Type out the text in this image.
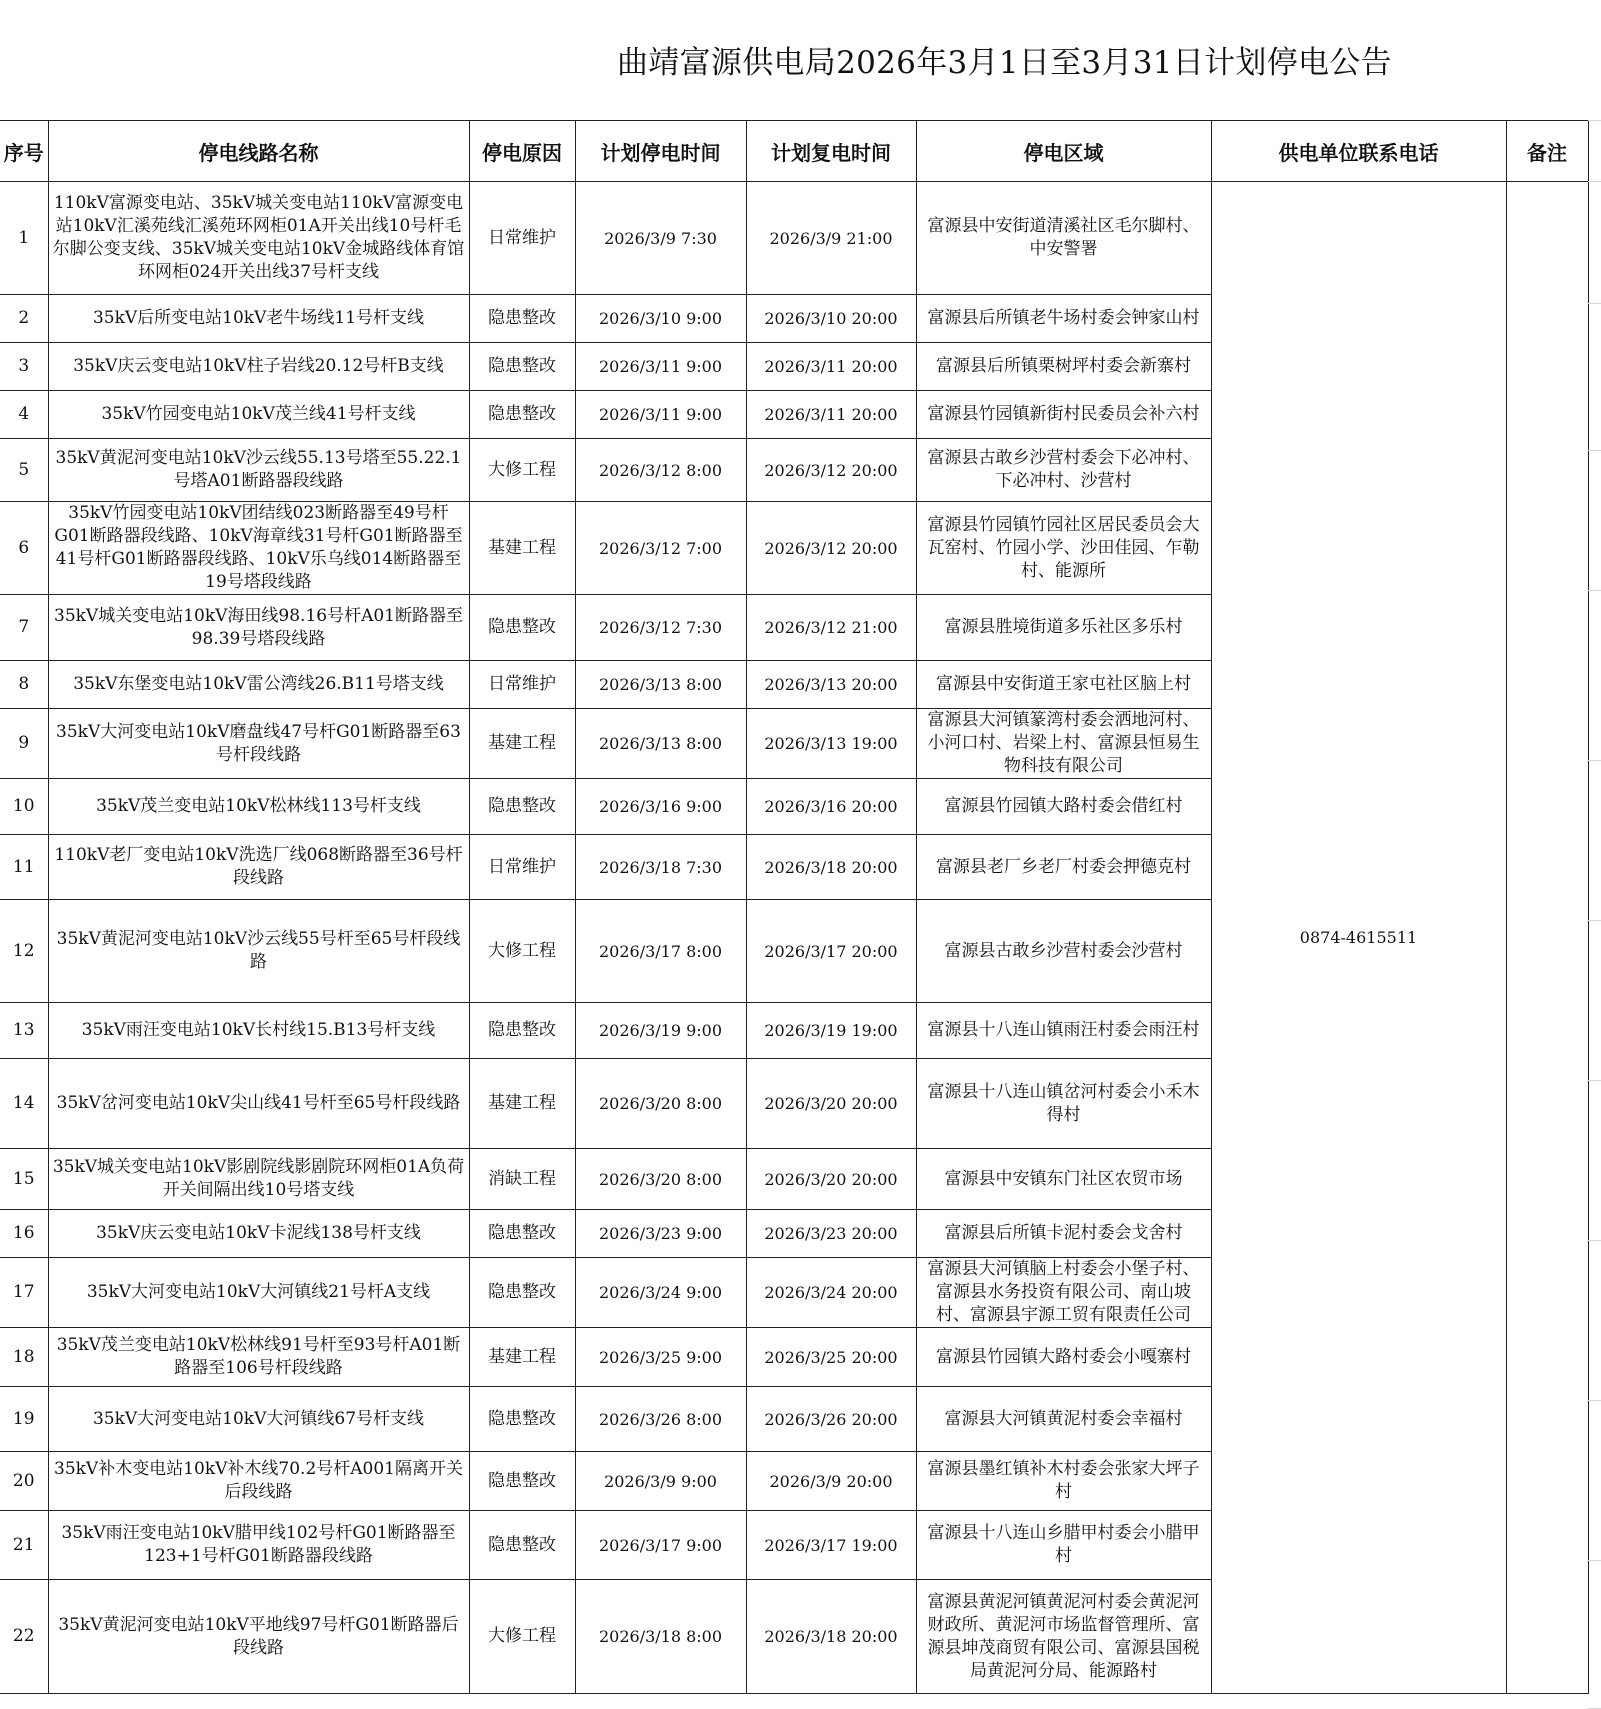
曲靖富源供电局2026年3月1日至3月31日计划停电公告
序号	停电线路名称	停电原因	计划停电时间	计划复电时间	停电区域	供电单位联系电话	备注
1	110kV富源变电站、35kV城关变电站110kV富源变电站10kV汇溪苑线汇溪苑环网柜01A开关出线10号杆毛尔脚公变支线、35kV城关变电站10kV金城路线体育馆环网柜024开关出线37号杆支线	日常维护	2026/3/9 7:30	2026/3/9 21:00	富源县中安街道清溪社区毛尔脚村、中安警署	0874-4615511	
2	35kV后所变电站10kV老牛场线11号杆支线	隐患整改	2026/3/10 9:00	2026/3/10 20:00	富源县后所镇老牛场村委会钟家山村		
3	35kV庆云变电站10kV柱子岩线20.12号杆B支线	隐患整改	2026/3/11 9:00	2026/3/11 20:00	富源县后所镇栗树坪村委会新寨村		
4	35kV竹园变电站10kV茂兰线41号杆支线	隐患整改	2026/3/11 9:00	2026/3/11 20:00	富源县竹园镇新街村民委员会补六村		
5	35kV黄泥河变电站10kV沙云线55.13号塔至55.22.1号塔A01断路器段线路	大修工程	2026/3/12 8:00	2026/3/12 20:00	富源县古敢乡沙营村委会下必冲村、下必冲村、沙营村		
6	35kV竹园变电站10kV团结线023断路器至49号杆G01断路器段线路、10kV海章线31号杆G01断路器至41号杆G01断路器段线路、10kV乐乌线014断路器至19号塔段线路	基建工程	2026/3/12 7:00	2026/3/12 20:00	富源县竹园镇竹园社区居民委员会大瓦窑村、竹园小学、沙田佳园、乍勒村、能源所		
7	35kV城关变电站10kV海田线98.16号杆A01断路器至98.39号塔段线路	隐患整改	2026/3/12 7:30	2026/3/12 21:00	富源县胜境街道多乐社区多乐村		
8	35kV东堡变电站10kV雷公湾线26.B11号塔支线	日常维护	2026/3/13 8:00	2026/3/13 20:00	富源县中安街道王家屯社区脑上村		
9	35kV大河变电站10kV磨盘线47号杆G01断路器至63号杆段线路	基建工程	2026/3/13 8:00	2026/3/13 19:00	富源县大河镇篆湾村委会洒地河村、小河口村、岩梁上村、富源县恒易生物科技有限公司		
10	35kV茂兰变电站10kV松林线113号杆支线	隐患整改	2026/3/16 9:00	2026/3/16 20:00	富源县竹园镇大路村委会借红村		
11	110kV老厂变电站10kV洗选厂线068断路器至36号杆段线路	日常维护	2026/3/18 7:30	2026/3/18 20:00	富源县老厂乡老厂村委会押德克村		
12	35kV黄泥河变电站10kV沙云线55号杆至65号杆段线路	大修工程	2026/3/17 8:00	2026/3/17 20:00	富源县古敢乡沙营村委会沙营村		
13	35kV雨汪变电站10kV长村线15.B13号杆支线	隐患整改	2026/3/19 9:00	2026/3/19 19:00	富源县十八连山镇雨汪村委会雨汪村		
14	35kV岔河变电站10kV尖山线41号杆至65号杆段线路	基建工程	2026/3/20 8:00	2026/3/20 20:00	富源县十八连山镇岔河村委会小禾木得村		
15	35kV城关变电站10kV影剧院线影剧院环网柜01A负荷开关间隔出线10号塔支线	消缺工程	2026/3/20 8:00	2026/3/20 20:00	富源县中安镇东门社区农贸市场		
16	35kV庆云变电站10kV卡泥线138号杆支线	隐患整改	2026/3/23 9:00	2026/3/23 20:00	富源县后所镇卡泥村委会戈舍村		
17	35kV大河变电站10kV大河镇线21号杆A支线	隐患整改	2026/3/24 9:00	2026/3/24 20:00	富源县大河镇脑上村委会小堡子村、富源县水务投资有限公司、南山坡村、富源县宇源工贸有限责任公司		
18	35kV茂兰变电站10kV松林线91号杆至93号杆A01断路器至106号杆段线路	基建工程	2026/3/25 9:00	2026/3/25 20:00	富源县竹园镇大路村委会小嘎寨村		
19	35kV大河变电站10kV大河镇线67号杆支线	隐患整改	2026/3/26 8:00	2026/3/26 20:00	富源县大河镇黄泥村委会幸福村		
20	35kV补木变电站10kV补木线70.2号杆A001隔离开关后段线路	隐患整改	2026/3/9 9:00	2026/3/9 20:00	富源县墨红镇补木村委会张家大坪子村		
21	35kV雨汪变电站10kV腊甲线102号杆G01断路器至123+1号杆G01断路器段线路	隐患整改	2026/3/17 9:00	2026/3/17 19:00	富源县十八连山乡腊甲村委会小腊甲村		
22	35kV黄泥河变电站10kV平地线97号杆G01断路器后段线路	大修工程	2026/3/18 8:00	2026/3/18 20:00	富源县黄泥河镇黄泥河村委会黄泥河财政所、黄泥河市场监督管理所、富源县坤茂商贸有限公司、富源县国税局黄泥河分局、能源路村		
